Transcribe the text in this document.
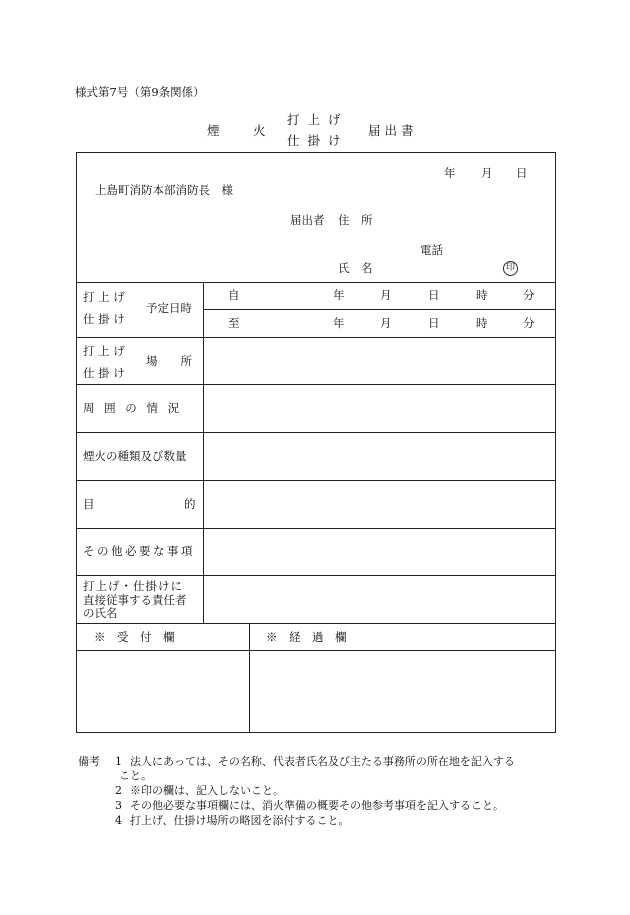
様式第7号（第9条関係）
煙	火
打上げ
仕掛け
届出書
年 月 日
上島町消防本部消防長　様
届出者 住　所
電話
氏　名	印
打 上 げ
仕 掛 け
予定日時
自	年	月	日	時	分
至	年	月	日	時	分
打 上 げ
仕 掛 け
場　　所
周 囲 の 情 況
煙火の種類及び数量
目	的
その他必要な事項
打上げ・仕掛けに
直接従事する責任者
の氏名
※　受　付　欄	※　経　過　欄
備考 1 法人にあっては、その名称、代表者氏名及び主たる事務所の所在地を記入する
こと。
2 ※印の欄は、記入しないこと。
3 その他必要な事項欄には、消火準備の概要その他参考事項を記入すること。
4 打上げ、仕掛け場所の略図を添付すること。
